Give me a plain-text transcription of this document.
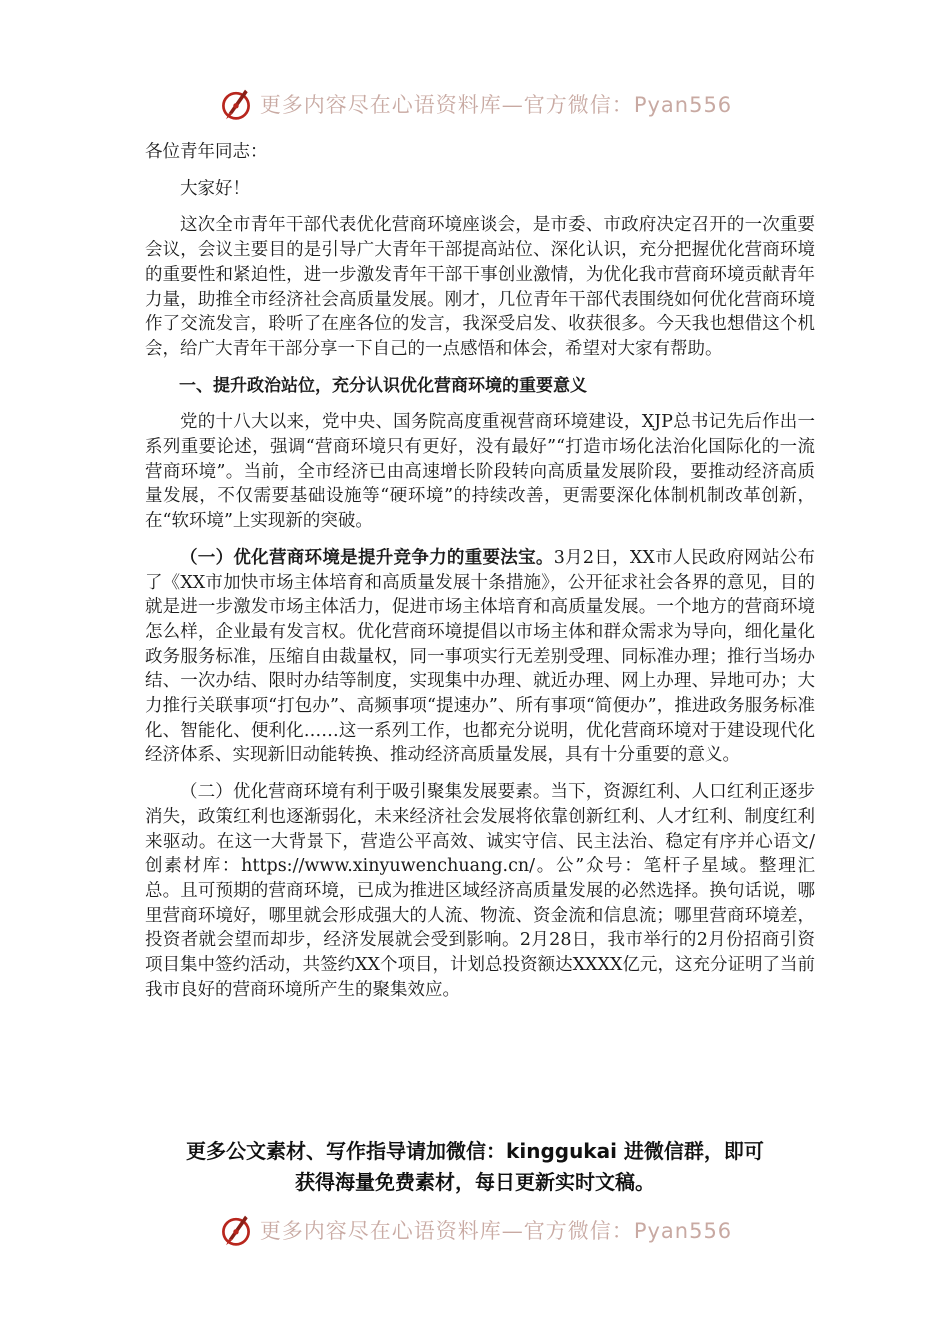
更多内容尽在心语资料库—官方微信：Pyan556

各位青年同志：

大家好！

这次全市青年干部代表优化营商环境座谈会，是市委、市政府决定召开的一次重要会议，会议主要目的是引导广大青年干部提高站位、深化认识，充分把握优化营商环境的重要性和紧迫性，进一步激发青年干部干事创业激情，为优化我市营商环境贡献青年力量，助推全市经济社会高质量发展。刚才，几位青年干部代表围绕如何优化营商环境作了交流发言，聆听了在座各位的发言，我深受启发、收获很多。今天我也想借这个机会，给广大青年干部分享一下自己的一点感悟和体会，希望对大家有帮助。

一、提升政治站位，充分认识优化营商环境的重要意义

党的十八大以来，党中央、国务院高度重视营商环境建设，XJP总书记先后作出一系列重要论述，强调“营商环境只有更好，没有最好”“打造市场化法治化国际化的一流营商环境”。当前，全市经济已由高速增长阶段转向高质量发展阶段，要推动经济高质量发展，不仅需要基础设施等“硬环境”的持续改善，更需要深化体制机制改革创新，在“软环境”上实现新的突破。

（一）优化营商环境是提升竞争力的重要法宝。3月2日，XX市人民政府网站公布了《XX市加快市场主体培育和高质量发展十条措施》，公开征求社会各界的意见，目的就是进一步激发市场主体活力，促进市场主体培育和高质量发展。一个地方的营商环境怎么样，企业最有发言权。优化营商环境提倡以市场主体和群众需求为导向，细化量化政务服务标准，压缩自由裁量权，同一事项实行无差别受理、同标准办理；推行当场办结、一次办结、限时办结等制度，实现集中办理、就近办理、网上办理、异地可办；大力推行关联事项“打包办”、高频事项“提速办”、所有事项“简便办”，推进政务服务标准化、智能化、便利化……这一系列工作，也都充分说明，优化营商环境对于建设现代化经济体系、实现新旧动能转换、推动经济高质量发展，具有十分重要的意义。

（二）优化营商环境有利于吸引聚集发展要素。当下，资源红利、人口红利正逐步消失，政策红利也逐渐弱化，未来经济社会发展将依靠创新红利、人才红利、制度红利来驱动。在这一大背景下，营造公平高效、诚实守信、民主法治、稳定有序并心语文/创素材库：https://www.xinyuwenchuang.cn/。公”众号：笔杆子星域。整理汇总。且可预期的营商环境，已成为推进区域经济高质量发展的必然选择。换句话说，哪里营商环境好，哪里就会形成强大的人流、物流、资金流和信息流；哪里营商环境差，投资者就会望而却步，经济发展就会受到影响。2月28日，我市举行的2月份招商引资项目集中签约活动，共签约XX个项目，计划总投资额达XXXX亿元，这充分证明了当前我市良好的营商环境所产生的聚集效应。

更多公文素材、写作指导请加微信：kinggukai 进微信群，即可
获得海量免费素材，每日更新实时文稿。
更多内容尽在心语资料库—官方微信：Pyan556
